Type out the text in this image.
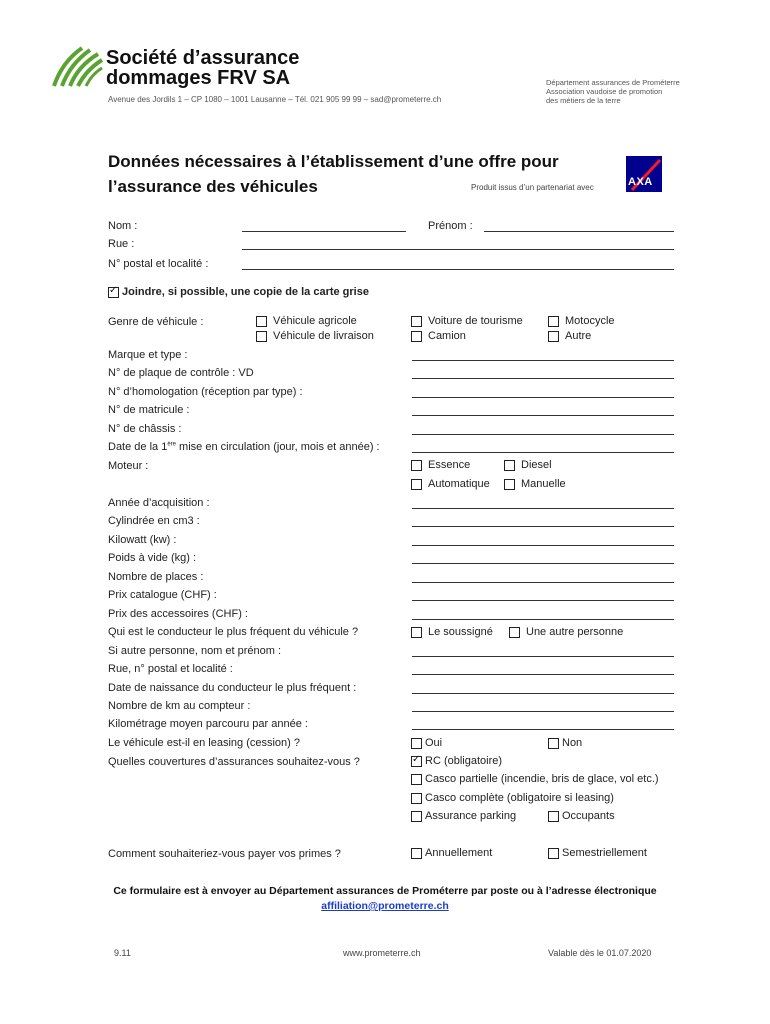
Société d’assurance
dommages FRV SA
Avenue des Jordils 1 – CP 1080 – 1001 Lausanne – Tél. 021 905 99 99 – sad@prometerre.ch
Département assurances de Prométerre
Association vaudoise de promotion
des métiers de la terre
Données nécessaires à l’établissement d’une offre pour
l’assurance des véhicules	Produit issus d’un partenariat avec	AXA
Nom :	Prénom :
Rue :
N° postal et localité :
✓
Joindre, si possible, une copie de la carte grise
Genre de véhicule :	Véhicule agricole
Véhicule de livraison
Voiture de tourisme
Camion
Motocycle
Autre
Marque et type :
N° de plaque de contrôle : VD
N° d’homologation (réception par type) :
N° de matricule :
N° de châssis :
Date de la 1ère mise en circulation (jour, mois et année) :
Moteur :	Essence	Diesel
Automatique	Manuelle
Année d’acquisition :
Cylindrée en cm3 :
Kilowatt (kw) :
Poids à vide (kg) :
Nombre de places :
Prix catalogue (CHF) :
Prix des accessoires (CHF) :
Qui est le conducteur le plus fréquent du véhicule ?	Le soussigné	Une autre personne
Si autre personne, nom et prénom :
Rue, n° postal et localité :
Date de naissance du conducteur le plus fréquent :
Nombre de km au compteur :
Kilométrage moyen parcouru par année :
Le véhicule est-il en leasing (cession) ?	Oui	Non
Quelles couvertures d’assurances souhaitez-vous ?
✓	RC (obligatoire)
Casco partielle (incendie, bris de glace, vol etc.)
Casco complète (obligatoire si leasing)
Assurance parking	Occupants
Comment souhaiteriez-vous payer vos primes ?	Annuellement	Semestriellement
Ce formulaire est à envoyer au Département assurances de Prométerre par poste ou à l’adresse électronique
affiliation@prometerre.ch
9.11	www.prometerre.ch	Valable dès le 01.07.2020
